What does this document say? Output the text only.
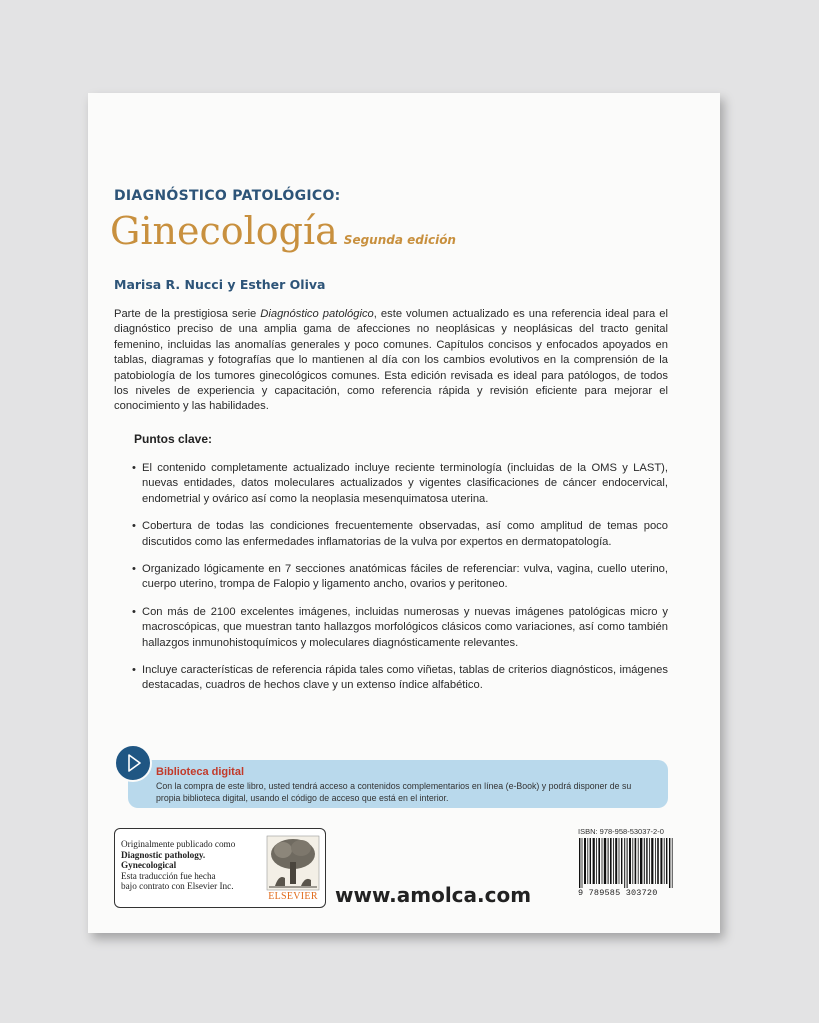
DIAGNÓSTICO PATOLÓGICO:
Ginecología Segunda edición
Marisa R. Nucci y Esther Oliva
Parte de la prestigiosa serie Diagnóstico patológico, este volumen actualizado es una referencia ideal para el diagnóstico preciso de una amplia gama de afecciones no neoplásicas y neoplásicas del tracto genital femenino, incluidas las anomalías generales y poco comunes. Capítulos concisos y enfocados apoyados en tablas, diagramas y fotografías que lo mantienen al día con los cambios evolutivos en la comprensión de la patobiología de los tumores ginecológicos comunes. Esta edición revisada es ideal para patólogos, de todos los niveles de experiencia y capacitación, como referencia rápida y revisión eficiente para mejorar el conocimiento y las habilidades.
Puntos clave:
• El contenido completamente actualizado incluye reciente terminología (incluidas de la OMS y LAST), nuevas entidades, datos moleculares actualizados y vigentes clasificaciones de cáncer endocervical, endometrial y ovárico así como la neoplasia mesenquimatosa uterina.
• Cobertura de todas las condiciones frecuentemente observadas, así como amplitud de temas poco discutidos como las enfermedades inflamatorias de la vulva por expertos en dermatopatología.
• Organizado lógicamente en 7 secciones anatómicas fáciles de referenciar: vulva, vagina, cuello uterino, cuerpo uterino, trompa de Falopio y ligamento ancho, ovarios y peritoneo.
• Con más de 2100 excelentes imágenes, incluidas numerosas y nuevas imágenes patológicas micro y macroscópicas, que muestran tanto hallazgos morfológicos clásicos como variaciones, así como también hallazgos inmunohistoquímicos y moleculares diagnósticamente relevantes.
• Incluye características de referencia rápida tales como viñetas, tablas de criterios diagnósticos, imágenes destacadas, cuadros de hechos clave y un extenso índice alfabético.
Biblioteca digital
Con la compra de este libro, usted tendrá acceso a contenidos complementarios en línea (e-Book) y podrá disponer de su propia biblioteca digital, usando el código de acceso que está en el interior.
Originalmente publicado como
Diagnostic pathology.
Gynecological
Esta traducción fue hecha
bajo contrato con Elsevier Inc.
ELSEVIER www.amolca.com
ISBN: 978-958-53037-2-0
9 789585 303720
